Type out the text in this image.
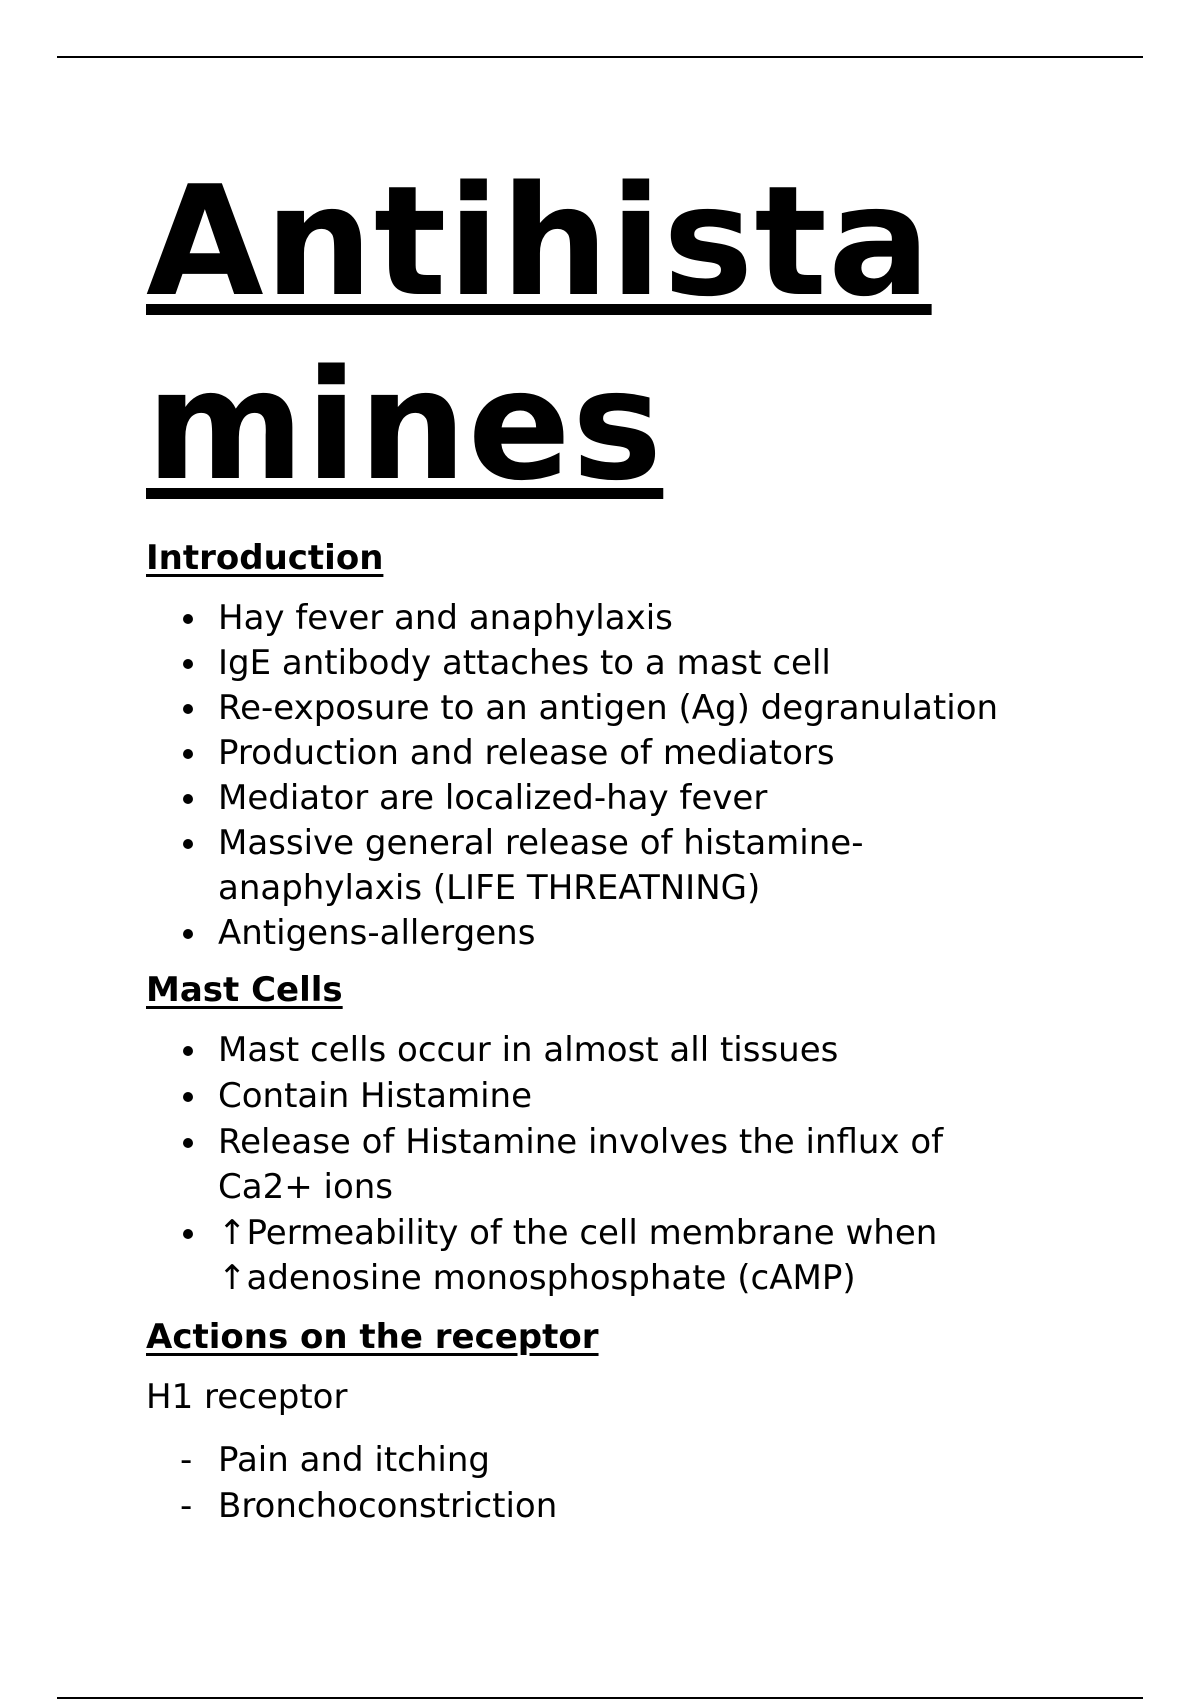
Antihistamines
Introduction
Hay fever and anaphylaxis
IgE antibody attaches to a mast cell
Re-exposure to an antigen (Ag) degranulation
Production and release of mediators
Mediator are localized-hay fever
Massive general release of histamine-anaphylaxis (LIFE THREATNING)
Antigens-allergens
Mast Cells
Mast cells occur in almost all tissues
Contain Histamine
Release of Histamine involves the influx of Ca2+ ions
↑Permeability of the cell membrane when ↑adenosine monosphosphate (cAMP)
Actions on the receptor

H1 receptor

- Pain and itching
- Bronchoconstriction
